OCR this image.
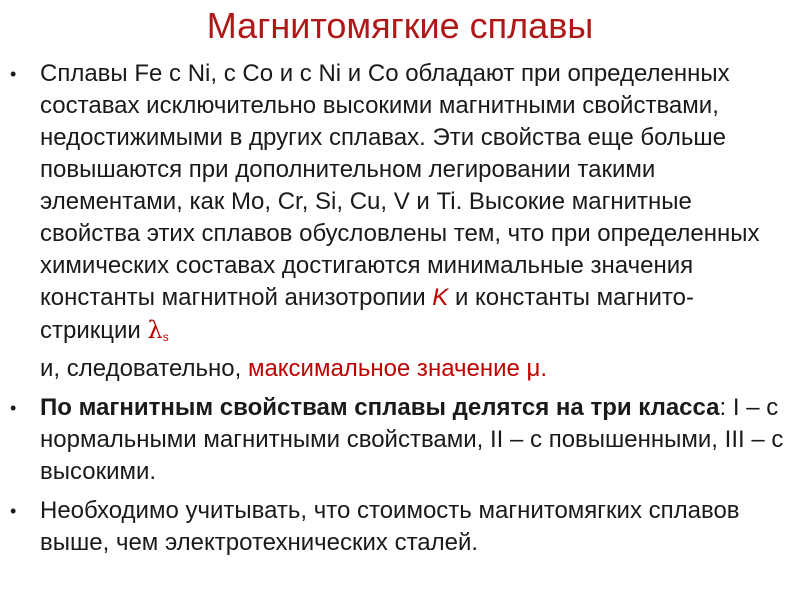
Магнитомягкие сплавы
• Сплавы Fe с Ni, с Co и с Ni и Co обладают при определенных составах исключительно высокими магнитными свойствами, недостижимыми в других сплавах. Эти свойства еще больше повышаются при дополнительном легировании такими элементами, как Mo, Cr, Si, Cu, V и Ti. Высокие магнитные свойства этих сплавов обусловлены тем, что при определенных химических составах достигаются минимальные значения константы магнитной анизотропии K и константы магнито-стрикции $\lambda_s$
и, следовательно, максимальное значение μ.
• По магнитным свойствам сплавы делятся на три класса: I – с нормальными магнитными свойствами, II – с повышенными, III – с высокими.
• Необходимо учитывать, что стоимость магнитомягких сплавов выше, чем электротехнических сталей.
